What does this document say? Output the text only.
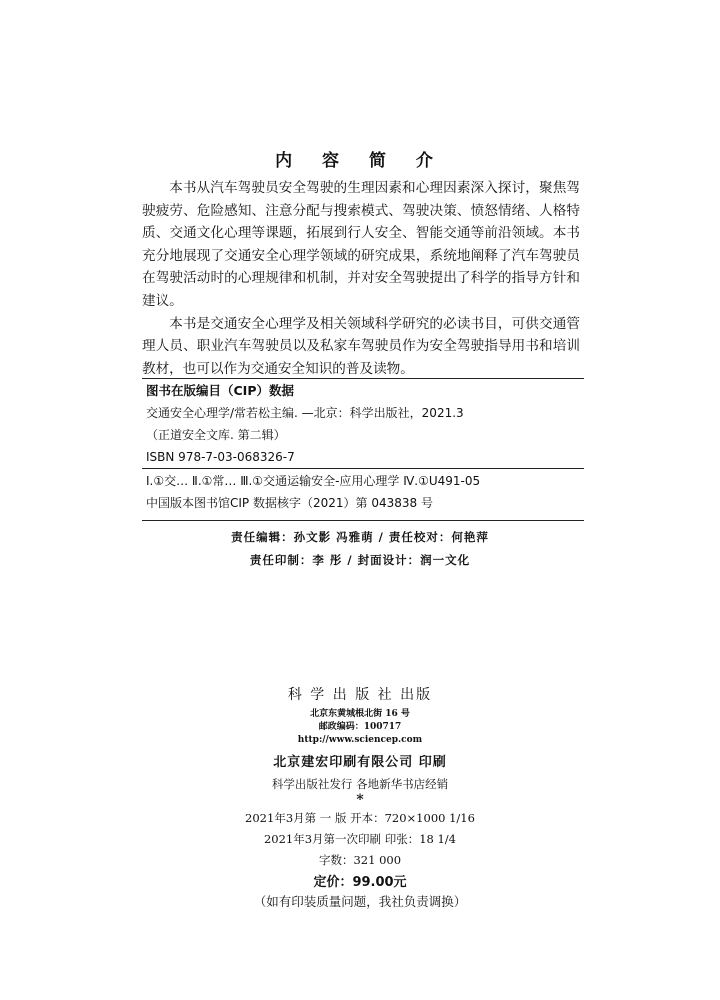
内 容 简 介

本书从汽车驾驶员安全驾驶的生理因素和心理因素深入探讨，聚焦驾驶疲劳、危险感知、注意分配与搜索模式、驾驶决策、愤怒情绪、人格特质、交通文化心理等课题，拓展到行人安全、智能交通等前沿领域。本书充分地展现了交通安全心理学领域的研究成果，系统地阐释了汽车驾驶员在驾驶活动时的心理规律和机制，并对安全驾驶提出了科学的指导方针和建议。

本书是交通安全心理学及相关领域科学研究的必读书目，可供交通管理人员、职业汽车驾驶员以及私家车驾驶员作为安全驾驶指导用书和培训教材，也可以作为交通安全知识的普及读物。

图书在版编目（CIP）数据
交通安全心理学/常若松主编. —北京：科学出版社，2021.3
（正道安全文库. 第二辑）
ISBN 978-7-03-068326-7
Ⅰ.①交… Ⅱ.①常… Ⅲ.①交通运输安全-应用心理学 Ⅳ.①U491-05
中国版本图书馆CIP 数据核字（2021）第 043838 号
责任编辑：孙文影 冯雅萌 / 责任校对：何艳萍
责任印制：李 彤 / 封面设计：润一文化
科 学 出 版 社 出版
北京东黄城根北街 16 号
邮政编码：100717
http://www.sciencep.com
北京建宏印刷有限公司 印刷
科学出版社发行 各地新华书店经销
*
2021年3月第 一 版 开本：720×1000 1/16
2021年3月第一次印刷 印张：18 1/4
字数：321 000
定价：99.00元
（如有印装质量问题，我社负责调换）
